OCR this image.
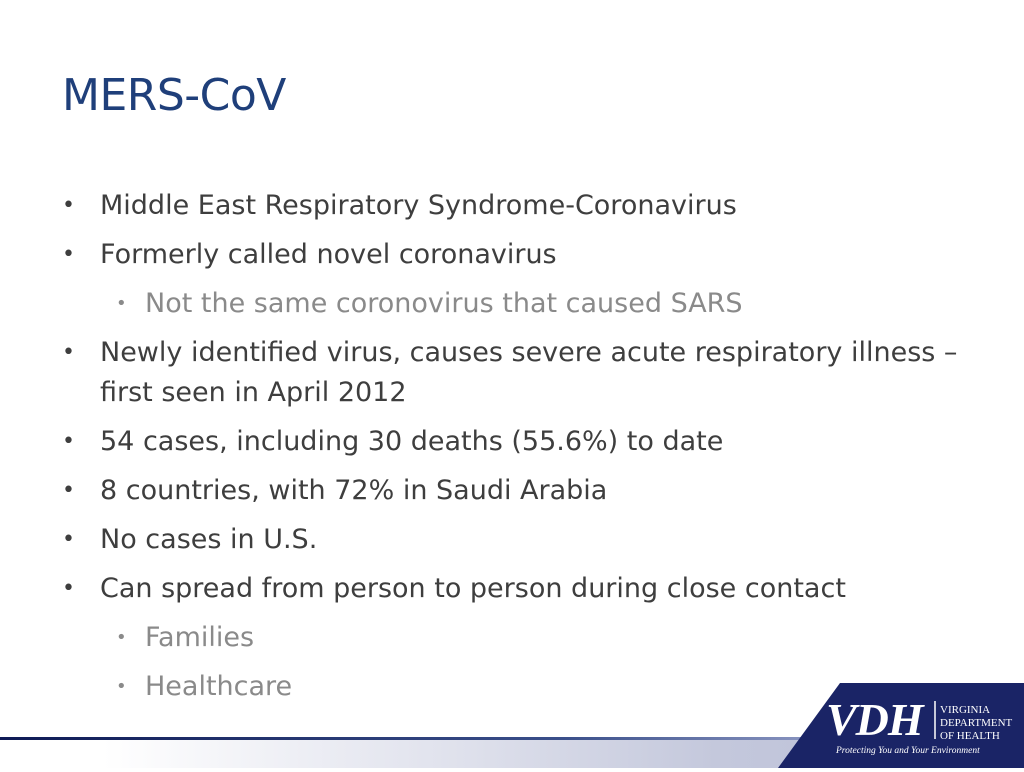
MERS-CoV
• Middle East Respiratory Syndrome-Coronavirus
• Formerly called novel coronavirus
• Not the same coronovirus that caused SARS
• Newly identified virus, causes severe acute respiratory illness – first seen in April 2012
• 54 cases, including 30 deaths (55.6%) to date
• 8 countries, with 72% in Saudi Arabia
• No cases in U.S.
• Can spread from person to person during close contact
• Families
• Healthcare
VDH VIRGINIA
DEPARTMENT
OF HEALTH
Protecting You and Your Environment
